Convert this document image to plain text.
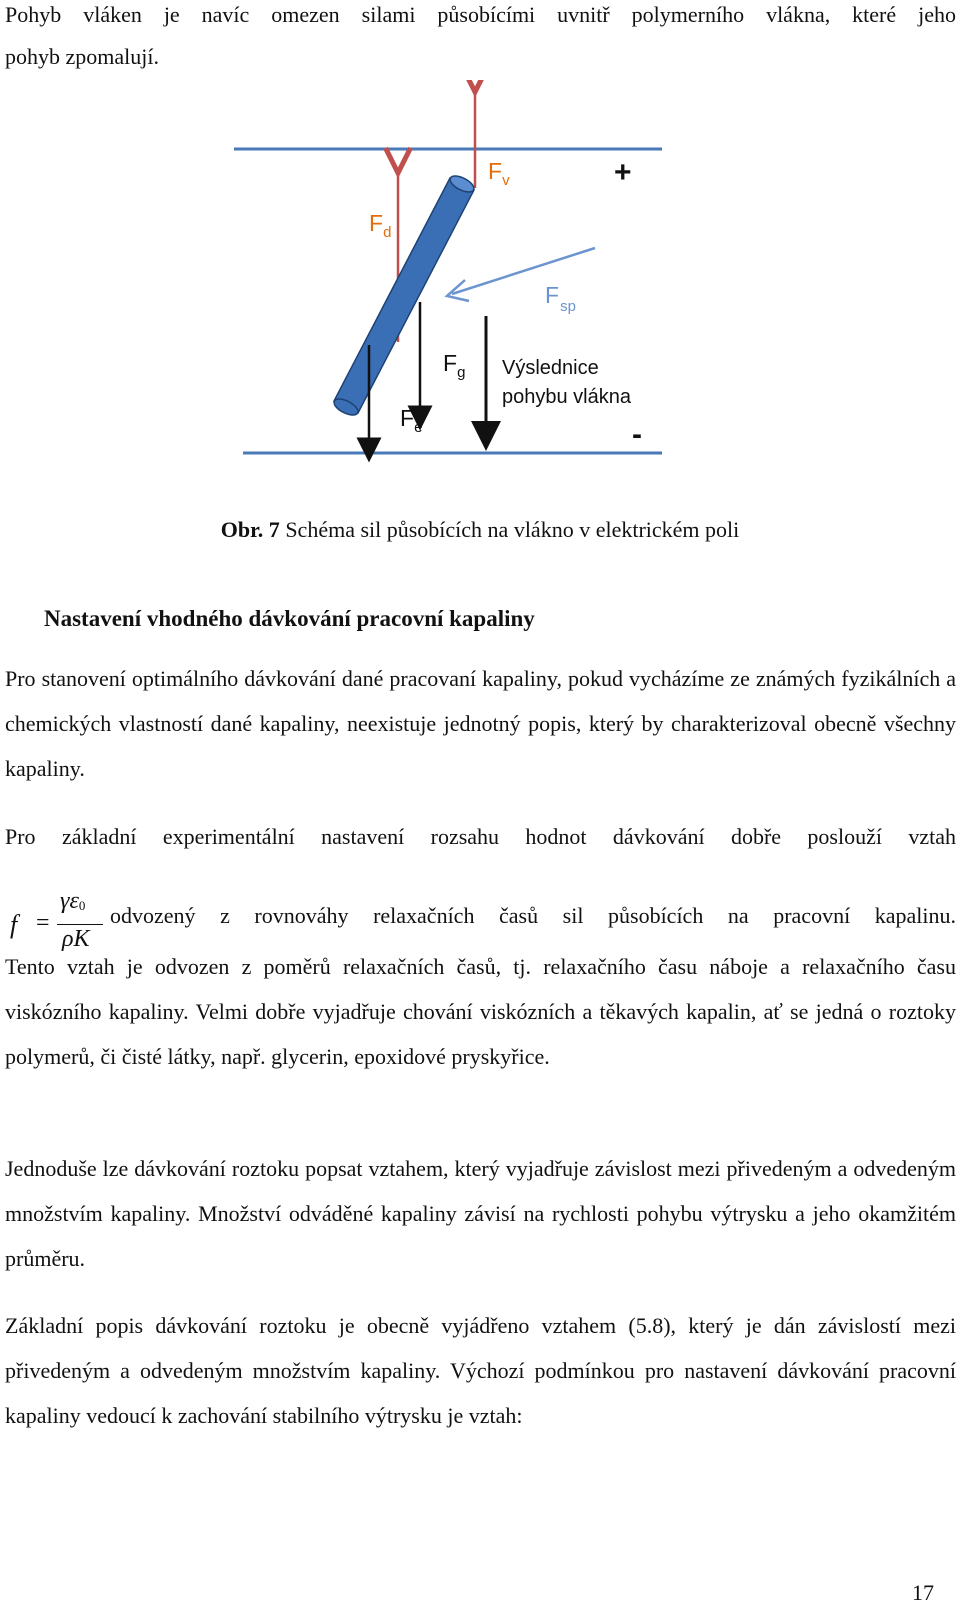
Pohyb vláken je navíc omezen silami působícími uvnitř polymerního vlákna, které jeho

pohyb zpomalují.

$F_d$
$F_v$
$F_{sp}$
$F_g$
$F_e$
+
-
Výslednice
pohybu vlákna

Obr. 7 Schéma sil působících na vlákno v elektrickém poli

Nastavení vhodného dávkování pracovní kapaliny

Pro stanovení optimálního dávkování dané pracovaní kapaliny, pokud vycházíme ze známých fyzikálních a chemických vlastností dané kapaliny, neexistuje jednotný popis, který by charakterizoval obecně všechny kapaliny.

Pro základní experimentální nastavení rozsahu hodnot dávkování dobře poslouží vztah

f =
$\gamma\varepsilon_0$
ρK

odvozený z rovnováhy relaxačních časů sil působících na pracovní kapalinu.

Tento vztah je odvozen z poměrů relaxačních časů, tj. relaxačního času náboje a relaxačního času viskózního kapaliny. Velmi dobře vyjadřuje chování viskózních a těkavých kapalin, ať se jedná o roztoky polymerů, či čisté látky, např. glycerin, epoxidové pryskyřice.

Jednoduše lze dávkování roztoku popsat vztahem, který vyjadřuje závislost mezi přivedeným a odvedeným množstvím kapaliny. Množství odváděné kapaliny závisí na rychlosti pohybu výtrysku a jeho okamžitém průměru.

Základní popis dávkování roztoku je obecně vyjádřeno vztahem (5.8), který je dán závislostí mezi přivedeným a odvedeným množstvím kapaliny. Výchozí podmínkou pro nastavení dávkování pracovní kapaliny vedoucí k zachování stabilního výtrysku je vztah:

17
